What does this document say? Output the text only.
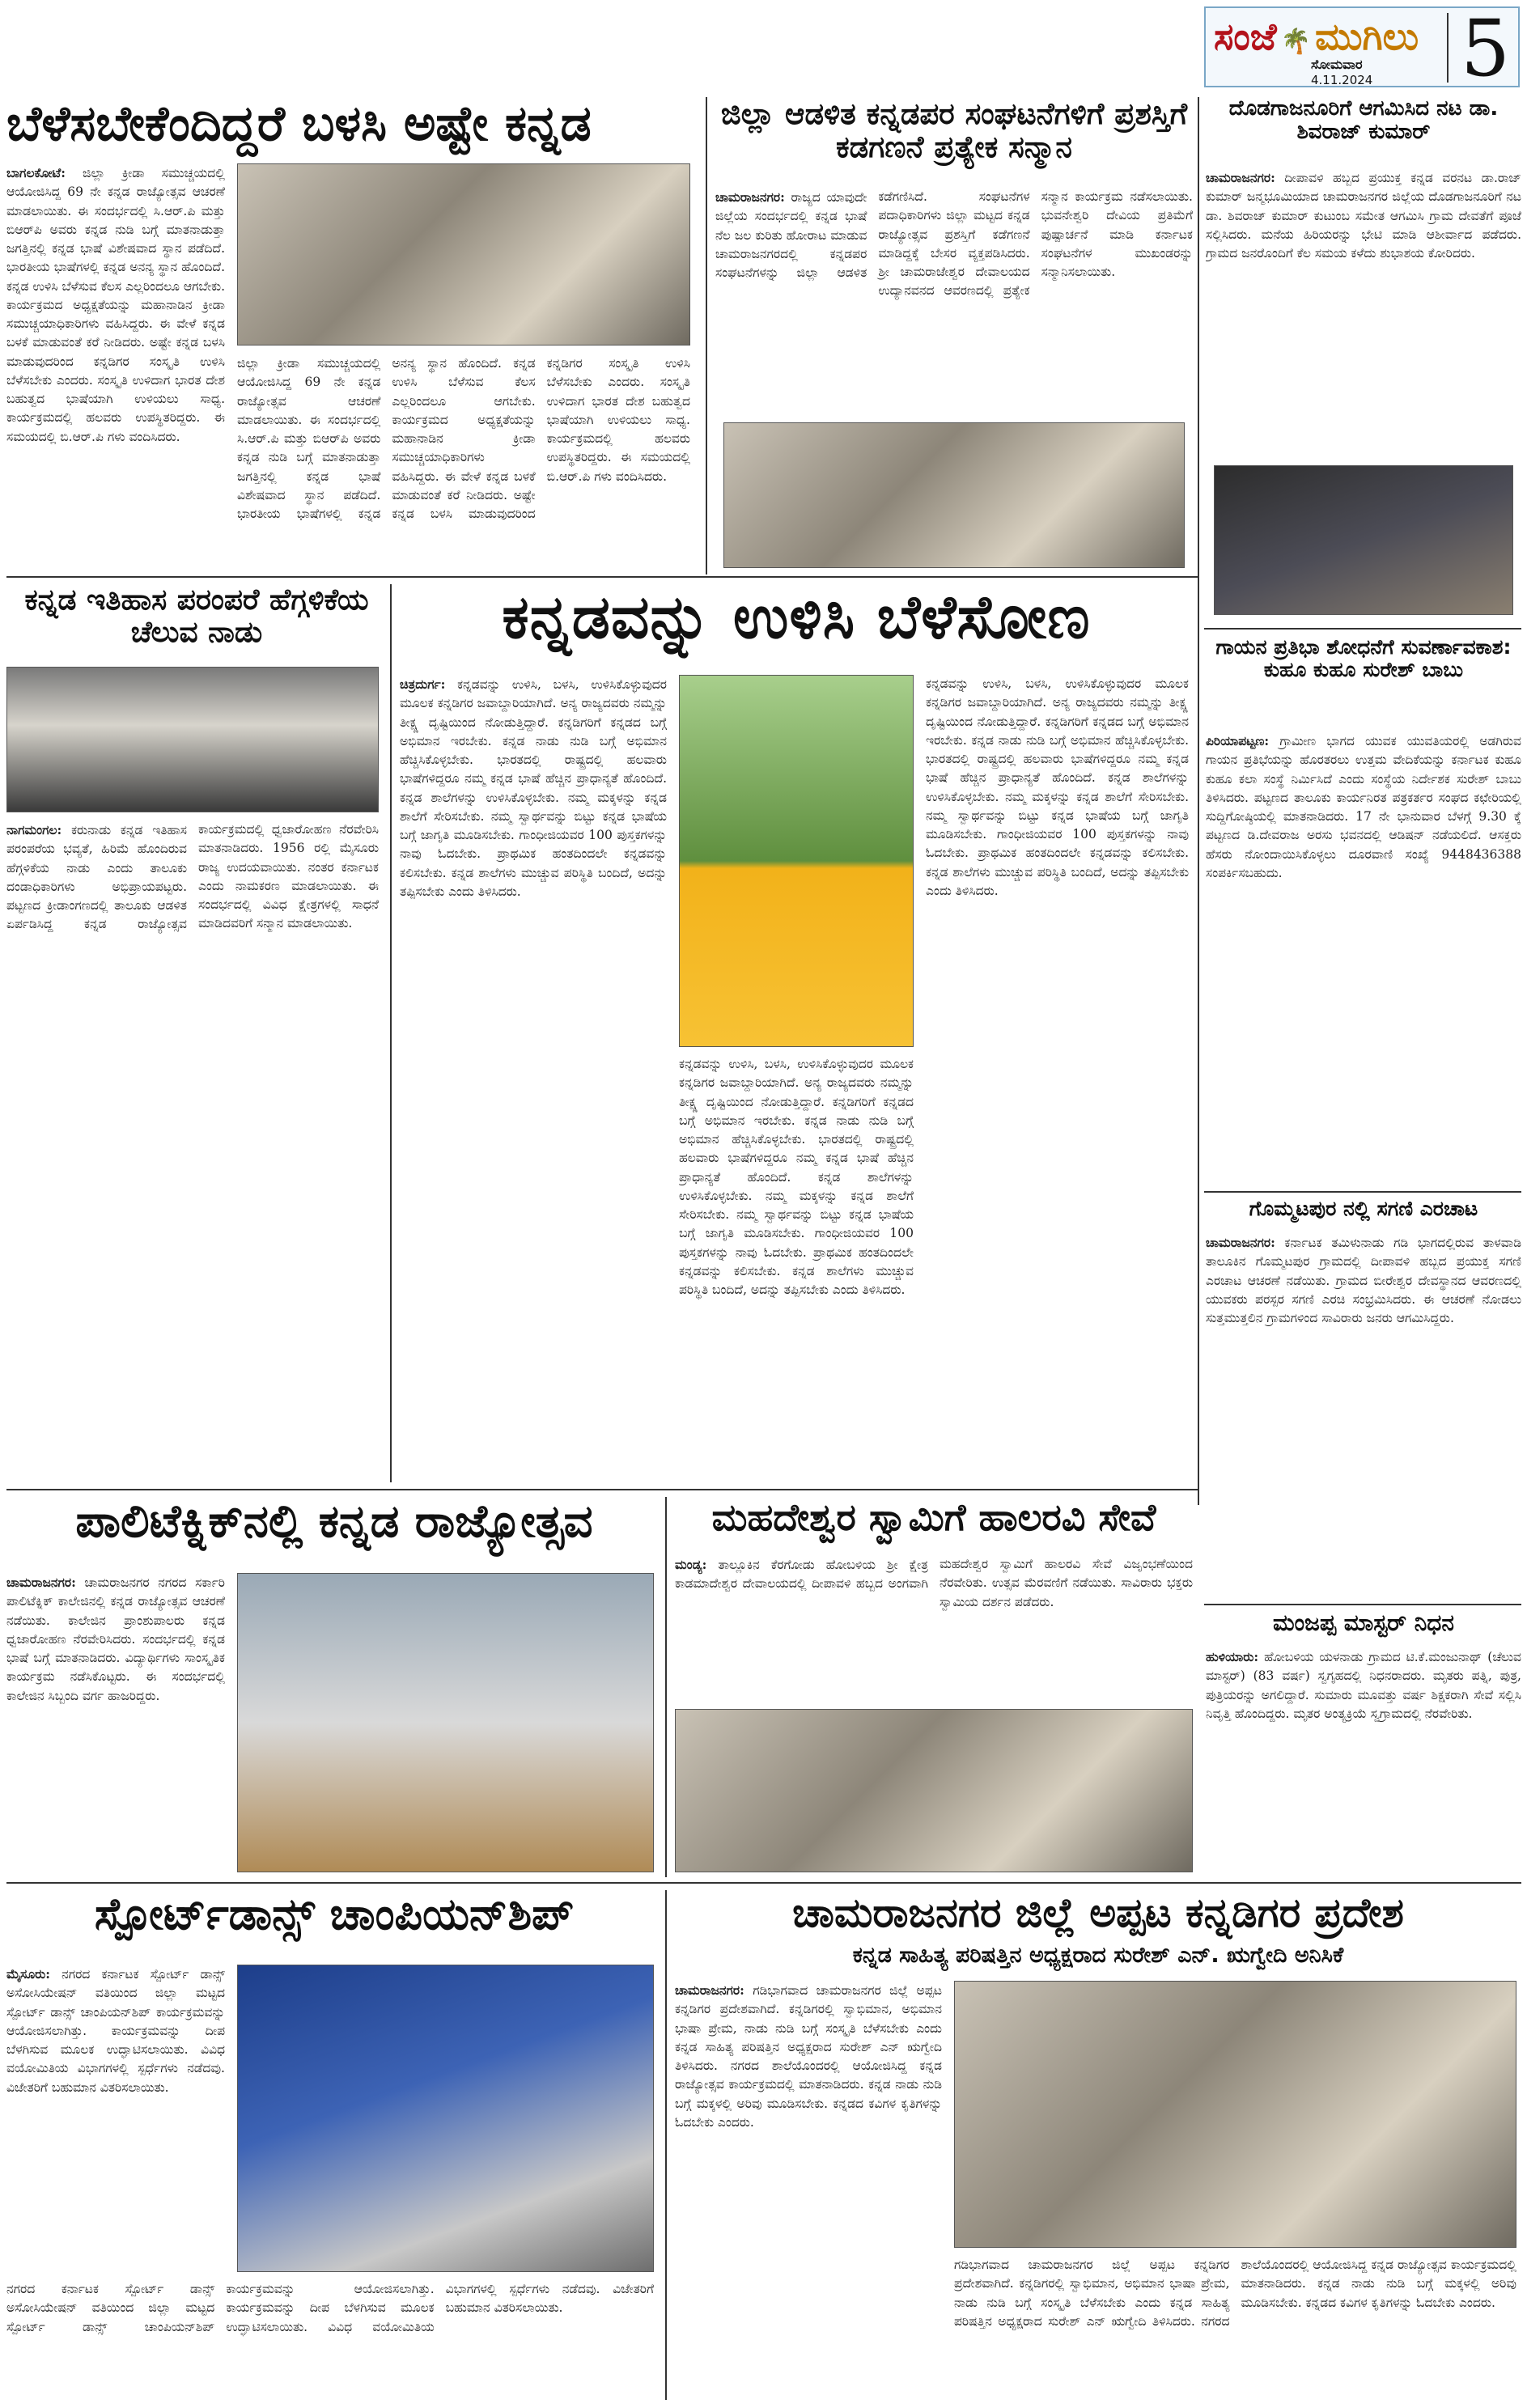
ಸಂಜೆ 🌴 ಮುಗಿಲು
ಸೋಮವಾರ
4.11.2024 5
ಬೆಳೆಸಬೇಕೆಂದಿದ್ದರೆ ಬಳಸಿ ಅಷ್ಟೇ ಕನ್ನಡ
ಬಾಗಲಕೋಟೆ: ಜಿಲ್ಲಾ ಕ್ರೀಡಾ ಸಮುಚ್ಚಯದಲ್ಲಿ ಆಯೋಜಿಸಿದ್ದ 69 ನೇ ಕನ್ನಡ ರಾಜ್ಯೋತ್ಸವ ಆಚರಣೆ ಮಾಡಲಾಯಿತು. ಈ ಸಂದರ್ಭದಲ್ಲಿ ಸಿ.ಆರ್.ಪಿ ಮತ್ತು ಬಿಆರ್‌ಪಿ ಅವರು ಕನ್ನಡ ನುಡಿ ಬಗ್ಗೆ ಮಾತನಾಡುತ್ತಾ ಜಗತ್ತಿನಲ್ಲಿ ಕನ್ನಡ ಭಾಷೆ ವಿಶೇಷವಾದ ಸ್ಥಾನ ಪಡೆದಿದೆ. ಭಾರತೀಯ ಭಾಷೆಗಳಲ್ಲಿ ಕನ್ನಡ ಅನನ್ಯ ಸ್ಥಾನ ಹೊಂದಿದೆ. ಕನ್ನಡ ಉಳಿಸಿ ಬೆಳೆಸುವ ಕೆಲಸ ಎಲ್ಲರಿಂದಲೂ ಆಗಬೇಕು. ಕಾರ್ಯಕ್ರಮದ ಅಧ್ಯಕ್ಷತೆಯನ್ನು ಮಹಾನಾಡಿನ ಕ್ರೀಡಾ ಸಮುಚ್ಚಯಾಧಿಕಾರಿಗಳು ವಹಿಸಿದ್ದರು. ಈ ವೇಳೆ ಕನ್ನಡ ಬಳಕೆ ಮಾಡುವಂತೆ ಕರೆ ನೀಡಿದರು. ಅಷ್ಟೇ ಕನ್ನಡ ಬಳಸಿ ಮಾಡುವುದರಿಂದ ಕನ್ನಡಿಗರ ಸಂಸ್ಕೃತಿ ಉಳಿಸಿ ಬೆಳೆಸಬೇಕು ಎಂದರು. ಸಂಸ್ಕೃತಿ ಉಳಿದಾಗ ಭಾರತ ದೇಶ ಬಹುತ್ವದ ಭಾಷೆಯಾಗಿ ಉಳಿಯಲು ಸಾಧ್ಯ. ಕಾರ್ಯಕ್ರಮದಲ್ಲಿ ಹಲವರು ಉಪಸ್ಥಿತರಿದ್ದರು. ಈ ಸಮಯದಲ್ಲಿ ಬಿ.ಆರ್.ಪಿ ಗಳು ವಂದಿಸಿದರು.
ಜಿಲ್ಲಾ ಕ್ರೀಡಾ ಸಮುಚ್ಚಯದಲ್ಲಿ ಆಯೋಜಿಸಿದ್ದ 69 ನೇ ಕನ್ನಡ ರಾಜ್ಯೋತ್ಸವ ಆಚರಣೆ ಮಾಡಲಾಯಿತು. ಈ ಸಂದರ್ಭದಲ್ಲಿ ಸಿ.ಆರ್.ಪಿ ಮತ್ತು ಬಿಆರ್‌ಪಿ ಅವರು ಕನ್ನಡ ನುಡಿ ಬಗ್ಗೆ ಮಾತನಾಡುತ್ತಾ ಜಗತ್ತಿನಲ್ಲಿ ಕನ್ನಡ ಭಾಷೆ ವಿಶೇಷವಾದ ಸ್ಥಾನ ಪಡೆದಿದೆ. ಭಾರತೀಯ ಭಾಷೆಗಳಲ್ಲಿ ಕನ್ನಡ ಅನನ್ಯ ಸ್ಥಾನ ಹೊಂದಿದೆ. ಕನ್ನಡ ಉಳಿಸಿ ಬೆಳೆಸುವ ಕೆಲಸ ಎಲ್ಲರಿಂದಲೂ ಆಗಬೇಕು. ಕಾರ್ಯಕ್ರಮದ ಅಧ್ಯಕ್ಷತೆಯನ್ನು ಮಹಾನಾಡಿನ ಕ್ರೀಡಾ ಸಮುಚ್ಚಯಾಧಿಕಾರಿಗಳು ವಹಿಸಿದ್ದರು. ಈ ವೇಳೆ ಕನ್ನಡ ಬಳಕೆ ಮಾಡುವಂತೆ ಕರೆ ನೀಡಿದರು. ಅಷ್ಟೇ ಕನ್ನಡ ಬಳಸಿ ಮಾಡುವುದರಿಂದ ಕನ್ನಡಿಗರ ಸಂಸ್ಕೃತಿ ಉಳಿಸಿ ಬೆಳೆಸಬೇಕು ಎಂದರು. ಸಂಸ್ಕೃತಿ ಉಳಿದಾಗ ಭಾರತ ದೇಶ ಬಹುತ್ವದ ಭಾಷೆಯಾಗಿ ಉಳಿಯಲು ಸಾಧ್ಯ. ಕಾರ್ಯಕ್ರಮದಲ್ಲಿ ಹಲವರು ಉಪಸ್ಥಿತರಿದ್ದರು. ಈ ಸಮಯದಲ್ಲಿ ಬಿ.ಆರ್.ಪಿ ಗಳು ವಂದಿಸಿದರು.
ಜಿಲ್ಲಾ ಆಡಳಿತ ಕನ್ನಡಪರ ಸಂಘಟನೆಗಳಿಗೆ ಪ್ರಶಸ್ತಿಗೆ ಕಡಗಣನೆ ಪ್ರತ್ಯೇಕ ಸನ್ಮಾನ
ಚಾಮರಾಜನಗರ: ರಾಜ್ಯದ ಯಾವುದೇ ಜಿಲ್ಲೆಯ ಸಂದರ್ಭದಲ್ಲಿ ಕನ್ನಡ ಭಾಷೆ ನೆಲ ಜಲ ಕುರಿತು ಹೋರಾಟ ಮಾಡುವ ಚಾಮರಾಜನಗರದಲ್ಲಿ ಕನ್ನಡಪರ ಸಂಘಟನೆಗಳನ್ನು ಜಿಲ್ಲಾ ಆಡಳಿತ ಕಡೆಗಣಿಸಿದೆ. ಸಂಘಟನೆಗಳ ಪದಾಧಿಕಾರಿಗಳು ಜಿಲ್ಲಾ ಮಟ್ಟದ ಕನ್ನಡ ರಾಜ್ಯೋತ್ಸವ ಪ್ರಶಸ್ತಿಗೆ ಕಡೆಗಣನೆ ಮಾಡಿದ್ದಕ್ಕೆ ಬೇಸರ ವ್ಯಕ್ತಪಡಿಸಿದರು. ಶ್ರೀ ಚಾಮರಾಜೇಶ್ವರ ದೇವಾಲಯದ ಉದ್ಯಾನವನದ ಆವರಣದಲ್ಲಿ ಪ್ರತ್ಯೇಕ ಸನ್ಮಾನ ಕಾರ್ಯಕ್ರಮ ನಡೆಸಲಾಯಿತು. ಭುವನೇಶ್ವರಿ ದೇವಿಯ ಪ್ರತಿಮೆಗೆ ಪುಷ್ಪಾರ್ಚನೆ ಮಾಡಿ ಕರ್ನಾಟಕ ಸಂಘಟನೆಗಳ ಮುಖಂಡರನ್ನು ಸನ್ಮಾನಿಸಲಾಯಿತು.
ದೊಡಗಾಜನೂರಿಗೆ ಆಗಮಿಸಿದ ನಟ ಡಾ. ಶಿವರಾಜ್ ಕುಮಾರ್
ಚಾಮರಾಜನಗರ: ದೀಪಾವಳಿ ಹಬ್ಬದ ಪ್ರಯುಕ್ತ ಕನ್ನಡ ವರನಟ ಡಾ.ರಾಜ್ ಕುಮಾರ್ ಜನ್ಮಭೂಮಿಯಾದ ಚಾಮರಾಜನಗರ ಜಿಲ್ಲೆಯ ದೊಡಗಾಜನೂರಿಗೆ ನಟ ಡಾ. ಶಿವರಾಜ್ ಕುಮಾರ್ ಕುಟುಂಬ ಸಮೇತ ಆಗಮಿಸಿ ಗ್ರಾಮ ದೇವತೆಗೆ ಪೂಜೆ ಸಲ್ಲಿಸಿದರು. ಮನೆಯ ಹಿರಿಯರನ್ನು ಭೇಟಿ ಮಾಡಿ ಆಶೀರ್ವಾದ ಪಡೆದರು. ಗ್ರಾಮದ ಜನರೊಂದಿಗೆ ಕೆಲ ಸಮಯ ಕಳೆದು ಶುಭಾಶಯ ಕೋರಿದರು.
ಕನ್ನಡ ಇತಿಹಾಸ ಪರಂಪರೆ ಹೆಗ್ಗಳಿಕೆಯ ಚೆಲುವ ನಾಡು
ನಾಗಮಂಗಲ: ಕರುನಾಡು ಕನ್ನಡ ಇತಿಹಾಸ ಪರಂಪರೆಯ ಭವ್ಯತೆ, ಹಿರಿಮೆ ಹೊಂದಿರುವ ಹೆಗ್ಗಳಿಕೆಯ ನಾಡು ಎಂದು ತಾಲೂಕು ದಂಡಾಧಿಕಾರಿಗಳು ಅಭಿಪ್ರಾಯಪಟ್ಟರು. ಪಟ್ಟಣದ ಕ್ರೀಡಾಂಗಣದಲ್ಲಿ ತಾಲೂಕು ಆಡಳಿತ ಏರ್ಪಡಿಸಿದ್ದ ಕನ್ನಡ ರಾಜ್ಯೋತ್ಸವ ಕಾರ್ಯಕ್ರಮದಲ್ಲಿ ಧ್ವಜಾರೋಹಣ ನೆರವೇರಿಸಿ ಮಾತನಾಡಿದರು. 1956 ರಲ್ಲಿ ಮೈಸೂರು ರಾಜ್ಯ ಉದಯವಾಯಿತು. ನಂತರ ಕರ್ನಾಟಕ ಎಂದು ನಾಮಕರಣ ಮಾಡಲಾಯಿತು. ಈ ಸಂದರ್ಭದಲ್ಲಿ ವಿವಿಧ ಕ್ಷೇತ್ರಗಳಲ್ಲಿ ಸಾಧನೆ ಮಾಡಿದವರಿಗೆ ಸನ್ಮಾನ ಮಾಡಲಾಯಿತು.
ಕನ್ನಡವನ್ನು ಉಳಿಸಿ ಬೆಳೆಸೋಣ
ಚಿತ್ರದುರ್ಗ: ಕನ್ನಡವನ್ನು ಉಳಿಸಿ, ಬಳಸಿ, ಉಳಿಸಿಕೊಳ್ಳುವುದರ ಮೂಲಕ ಕನ್ನಡಿಗರ ಜವಾಬ್ದಾರಿಯಾಗಿದೆ. ಅನ್ಯ ರಾಜ್ಯದವರು ನಮ್ಮನ್ನು ತೀಕ್ಷ್ಣ ದೃಷ್ಟಿಯಿಂದ ನೋಡುತ್ತಿದ್ದಾರೆ. ಕನ್ನಡಿಗರಿಗೆ ಕನ್ನಡದ ಬಗ್ಗೆ ಅಭಿಮಾನ ಇರಬೇಕು. ಕನ್ನಡ ನಾಡು ನುಡಿ ಬಗ್ಗೆ ಅಭಿಮಾನ ಹೆಚ್ಚಿಸಿಕೊಳ್ಳಬೇಕು. ಭಾರತದಲ್ಲಿ ರಾಷ್ಟ್ರದಲ್ಲಿ ಹಲವಾರು ಭಾಷೆಗಳಿದ್ದರೂ ನಮ್ಮ ಕನ್ನಡ ಭಾಷೆ ಹೆಚ್ಚಿನ ಪ್ರಾಧಾನ್ಯತೆ ಹೊಂದಿದೆ. ಕನ್ನಡ ಶಾಲೆಗಳನ್ನು ಉಳಿಸಿಕೊಳ್ಳಬೇಕು. ನಮ್ಮ ಮಕ್ಕಳನ್ನು ಕನ್ನಡ ಶಾಲೆಗೆ ಸೇರಿಸಬೇಕು. ನಮ್ಮ ಸ್ವಾರ್ಥವನ್ನು ಬಿಟ್ಟು ಕನ್ನಡ ಭಾಷೆಯ ಬಗ್ಗೆ ಜಾಗೃತಿ ಮೂಡಿಸಬೇಕು. ಗಾಂಧೀಜಿಯವರ 100 ಪುಸ್ತಕಗಳನ್ನು ನಾವು ಓದಬೇಕು. ಪ್ರಾಥಮಿಕ ಹಂತದಿಂದಲೇ ಕನ್ನಡವನ್ನು ಕಲಿಸಬೇಕು. ಕನ್ನಡ ಶಾಲೆಗಳು ಮುಚ್ಚುವ ಪರಿಸ್ಥಿತಿ ಬಂದಿದೆ, ಅದನ್ನು ತಪ್ಪಿಸಬೇಕು ಎಂದು ತಿಳಿಸಿದರು.
ಕನ್ನಡವನ್ನು ಉಳಿಸಿ, ಬಳಸಿ, ಉಳಿಸಿಕೊಳ್ಳುವುದರ ಮೂಲಕ ಕನ್ನಡಿಗರ ಜವಾಬ್ದಾರಿಯಾಗಿದೆ. ಅನ್ಯ ರಾಜ್ಯದವರು ನಮ್ಮನ್ನು ತೀಕ್ಷ್ಣ ದೃಷ್ಟಿಯಿಂದ ನೋಡುತ್ತಿದ್ದಾರೆ. ಕನ್ನಡಿಗರಿಗೆ ಕನ್ನಡದ ಬಗ್ಗೆ ಅಭಿಮಾನ ಇರಬೇಕು. ಕನ್ನಡ ನಾಡು ನುಡಿ ಬಗ್ಗೆ ಅಭಿಮಾನ ಹೆಚ್ಚಿಸಿಕೊಳ್ಳಬೇಕು. ಭಾರತದಲ್ಲಿ ರಾಷ್ಟ್ರದಲ್ಲಿ ಹಲವಾರು ಭಾಷೆಗಳಿದ್ದರೂ ನಮ್ಮ ಕನ್ನಡ ಭಾಷೆ ಹೆಚ್ಚಿನ ಪ್ರಾಧಾನ್ಯತೆ ಹೊಂದಿದೆ. ಕನ್ನಡ ಶಾಲೆಗಳನ್ನು ಉಳಿಸಿಕೊಳ್ಳಬೇಕು. ನಮ್ಮ ಮಕ್ಕಳನ್ನು ಕನ್ನಡ ಶಾಲೆಗೆ ಸೇರಿಸಬೇಕು. ನಮ್ಮ ಸ್ವಾರ್ಥವನ್ನು ಬಿಟ್ಟು ಕನ್ನಡ ಭಾಷೆಯ ಬಗ್ಗೆ ಜಾಗೃತಿ ಮೂಡಿಸಬೇಕು. ಗಾಂಧೀಜಿಯವರ 100 ಪುಸ್ತಕಗಳನ್ನು ನಾವು ಓದಬೇಕು. ಪ್ರಾಥಮಿಕ ಹಂತದಿಂದಲೇ ಕನ್ನಡವನ್ನು ಕಲಿಸಬೇಕು. ಕನ್ನಡ ಶಾಲೆಗಳು ಮುಚ್ಚುವ ಪರಿಸ್ಥಿತಿ ಬಂದಿದೆ, ಅದನ್ನು ತಪ್ಪಿಸಬೇಕು ಎಂದು ತಿಳಿಸಿದರು.
ಕನ್ನಡವನ್ನು ಉಳಿಸಿ, ಬಳಸಿ, ಉಳಿಸಿಕೊಳ್ಳುವುದರ ಮೂಲಕ ಕನ್ನಡಿಗರ ಜವಾಬ್ದಾರಿಯಾಗಿದೆ. ಅನ್ಯ ರಾಜ್ಯದವರು ನಮ್ಮನ್ನು ತೀಕ್ಷ್ಣ ದೃಷ್ಟಿಯಿಂದ ನೋಡುತ್ತಿದ್ದಾರೆ. ಕನ್ನಡಿಗರಿಗೆ ಕನ್ನಡದ ಬಗ್ಗೆ ಅಭಿಮಾನ ಇರಬೇಕು. ಕನ್ನಡ ನಾಡು ನುಡಿ ಬಗ್ಗೆ ಅಭಿಮಾನ ಹೆಚ್ಚಿಸಿಕೊಳ್ಳಬೇಕು. ಭಾರತದಲ್ಲಿ ರಾಷ್ಟ್ರದಲ್ಲಿ ಹಲವಾರು ಭಾಷೆಗಳಿದ್ದರೂ ನಮ್ಮ ಕನ್ನಡ ಭಾಷೆ ಹೆಚ್ಚಿನ ಪ್ರಾಧಾನ್ಯತೆ ಹೊಂದಿದೆ. ಕನ್ನಡ ಶಾಲೆಗಳನ್ನು ಉಳಿಸಿಕೊಳ್ಳಬೇಕು. ನಮ್ಮ ಮಕ್ಕಳನ್ನು ಕನ್ನಡ ಶಾಲೆಗೆ ಸೇರಿಸಬೇಕು. ನಮ್ಮ ಸ್ವಾರ್ಥವನ್ನು ಬಿಟ್ಟು ಕನ್ನಡ ಭಾಷೆಯ ಬಗ್ಗೆ ಜಾಗೃತಿ ಮೂಡಿಸಬೇಕು. ಗಾಂಧೀಜಿಯವರ 100 ಪುಸ್ತಕಗಳನ್ನು ನಾವು ಓದಬೇಕು. ಪ್ರಾಥಮಿಕ ಹಂತದಿಂದಲೇ ಕನ್ನಡವನ್ನು ಕಲಿಸಬೇಕು. ಕನ್ನಡ ಶಾಲೆಗಳು ಮುಚ್ಚುವ ಪರಿಸ್ಥಿತಿ ಬಂದಿದೆ, ಅದನ್ನು ತಪ್ಪಿಸಬೇಕು ಎಂದು ತಿಳಿಸಿದರು.
ಗಾಯನ ಪ್ರತಿಭಾ ಶೋಧನೆಗೆ ಸುವರ್ಣಾವಕಾಶ: ಕುಹೂ ಕುಹೂ ಸುರೇಶ್ ಬಾಬು
ಪಿರಿಯಾಪಟ್ಟಣ: ಗ್ರಾಮೀಣ ಭಾಗದ ಯುವಕ ಯುವತಿಯರಲ್ಲಿ ಅಡಗಿರುವ ಗಾಯನ ಪ್ರತಿಭೆಯನ್ನು ಹೊರತರಲು ಉತ್ತಮ ವೇದಿಕೆಯನ್ನು ಕರ್ನಾಟಕ ಕುಹೂ ಕುಹೂ ಕಲಾ ಸಂಸ್ಥೆ ನಿರ್ಮಿಸಿದೆ ಎಂದು ಸಂಸ್ಥೆಯ ನಿರ್ದೇಶಕ ಸುರೇಶ್ ಬಾಬು ತಿಳಿಸಿದರು. ಪಟ್ಟಣದ ತಾಲೂಕು ಕಾರ್ಯನಿರತ ಪತ್ರಕರ್ತರ ಸಂಘದ ಕಛೇರಿಯಲ್ಲಿ ಸುದ್ದಿಗೋಷ್ಠಿಯಲ್ಲಿ ಮಾತನಾಡಿದರು. 17 ನೇ ಭಾನುವಾರ ಬೆಳಗ್ಗೆ 9.30 ಕ್ಕೆ ಪಟ್ಟಣದ ಡಿ.ದೇವರಾಜ ಅರಸು ಭವನದಲ್ಲಿ ಆಡಿಷನ್ ನಡೆಯಲಿದೆ. ಆಸಕ್ತರು ಹೆಸರು ನೋಂದಾಯಿಸಿಕೊಳ್ಳಲು ದೂರವಾಣಿ ಸಂಖ್ಯೆ 9448436388 ಸಂಪರ್ಕಿಸಬಹುದು.
ಗೊಮ್ಮಟಪುರ ನಲ್ಲಿ ಸಗಣಿ ಎರಚಾಟ
ಚಾಮರಾಜನಗರ: ಕರ್ನಾಟಕ ತಮಿಳುನಾಡು ಗಡಿ ಭಾಗದಲ್ಲಿರುವ ತಾಳವಾಡಿ ತಾಲೂಕಿನ ಗೊಮ್ಮಟಪುರ ಗ್ರಾಮದಲ್ಲಿ ದೀಪಾವಳಿ ಹಬ್ಬದ ಪ್ರಯುಕ್ತ ಸಗಣಿ ಎರಚಾಟ ಆಚರಣೆ ನಡೆಯಿತು. ಗ್ರಾಮದ ಬೀರೇಶ್ವರ ದೇವಸ್ಥಾನದ ಆವರಣದಲ್ಲಿ ಯುವಕರು ಪರಸ್ಪರ ಸಗಣಿ ಎರಚಿ ಸಂಭ್ರಮಿಸಿದರು. ಈ ಆಚರಣೆ ನೋಡಲು ಸುತ್ತಮುತ್ತಲಿನ ಗ್ರಾಮಗಳಿಂದ ಸಾವಿರಾರು ಜನರು ಆಗಮಿಸಿದ್ದರು.
ಮಂಜಪ್ಪ ಮಾಸ್ಟರ್ ನಿಧನ
ಹುಳಿಯಾರು: ಹೋಬಳಿಯ ಯಳನಾಡು ಗ್ರಾಮದ ಟಿ.ಕೆ.ಮಂಜುನಾಥ್ (ಚೆಲುವ ಮಾಸ್ಟರ್) (83 ವರ್ಷ) ಸ್ವಗೃಹದಲ್ಲಿ ನಿಧನರಾದರು. ಮೃತರು ಪತ್ನಿ, ಪುತ್ರ, ಪುತ್ರಿಯರನ್ನು ಅಗಲಿದ್ದಾರೆ. ಸುಮಾರು ಮೂವತ್ತು ವರ್ಷ ಶಿಕ್ಷಕರಾಗಿ ಸೇವೆ ಸಲ್ಲಿಸಿ ನಿವೃತ್ತಿ ಹೊಂದಿದ್ದರು. ಮೃತರ ಅಂತ್ಯಕ್ರಿಯೆ ಸ್ವಗ್ರಾಮದಲ್ಲಿ ನೆರವೇರಿತು.
ಪಾಲಿಟೆಕ್ನಿಕ್‌ನಲ್ಲಿ ಕನ್ನಡ ರಾಜ್ಯೋತ್ಸವ
ಚಾಮರಾಜನಗರ: ಚಾಮರಾಜನಗರ ನಗರದ ಸರ್ಕಾರಿ ಪಾಲಿಟೆಕ್ನಿಕ್ ಕಾಲೇಜಿನಲ್ಲಿ ಕನ್ನಡ ರಾಜ್ಯೋತ್ಸವ ಆಚರಣೆ ನಡೆಯಿತು. ಕಾಲೇಜಿನ ಪ್ರಾಂಶುಪಾಲರು ಕನ್ನಡ ಧ್ವಜಾರೋಹಣ ನೆರವೇರಿಸಿದರು. ಸಂದರ್ಭದಲ್ಲಿ ಕನ್ನಡ ಭಾಷೆ ಬಗ್ಗೆ ಮಾತನಾಡಿದರು. ವಿದ್ಯಾರ್ಥಿಗಳು ಸಾಂಸ್ಕೃತಿಕ ಕಾರ್ಯಕ್ರಮ ನಡೆಸಿಕೊಟ್ಟರು. ಈ ಸಂದರ್ಭದಲ್ಲಿ ಕಾಲೇಜಿನ ಸಿಬ್ಬಂದಿ ವರ್ಗ ಹಾಜರಿದ್ದರು.
ಮಹದೇಶ್ವರ ಸ್ವಾಮಿಗೆ ಹಾಲರವಿ ಸೇವೆ
ಮಂಡ್ಯ: ತಾಲ್ಲೂಕಿನ ಕೆರಗೋಡು ಹೋಬಳಿಯ ಶ್ರೀ ಕ್ಷೇತ್ರ ಕಾಡಮಾದೇಶ್ವರ ದೇವಾಲಯದಲ್ಲಿ ದೀಪಾವಳಿ ಹಬ್ಬದ ಅಂಗವಾಗಿ ಮಹದೇಶ್ವರ ಸ್ವಾಮಿಗೆ ಹಾಲರವಿ ಸೇವೆ ವಿಜೃಂಭಣೆಯಿಂದ ನೆರವೇರಿತು. ಉತ್ಸವ ಮೆರವಣಿಗೆ ನಡೆಯಿತು. ಸಾವಿರಾರು ಭಕ್ತರು ಸ್ವಾಮಿಯ ದರ್ಶನ ಪಡೆದರು.
ಸ್ಪೋರ್ಟ್‌ಡಾನ್ಸ್ ಚಾಂಪಿಯನ್‌ಶಿಪ್
ಮೈಸೂರು: ನಗರದ ಕರ್ನಾಟಕ ಸ್ಪೋರ್ಟ್ ಡಾನ್ಸ್ ಅಸೋಸಿಯೇಷನ್ ವತಿಯಿಂದ ಜಿಲ್ಲಾ ಮಟ್ಟದ ಸ್ಪೋರ್ಟ್ ಡಾನ್ಸ್ ಚಾಂಪಿಯನ್‌ಶಿಪ್ ಕಾರ್ಯಕ್ರಮವನ್ನು ಆಯೋಜಿಸಲಾಗಿತ್ತು. ಕಾರ್ಯಕ್ರಮವನ್ನು ದೀಪ ಬೆಳಗಿಸುವ ಮೂಲಕ ಉದ್ಘಾಟಿಸಲಾಯಿತು. ವಿವಿಧ ವಯೋಮಿತಿಯ ವಿಭಾಗಗಳಲ್ಲಿ ಸ್ಪರ್ಧೆಗಳು ನಡೆದವು. ವಿಜೇತರಿಗೆ ಬಹುಮಾನ ವಿತರಿಸಲಾಯಿತು.
ನಗರದ ಕರ್ನಾಟಕ ಸ್ಪೋರ್ಟ್ ಡಾನ್ಸ್ ಅಸೋಸಿಯೇಷನ್ ವತಿಯಿಂದ ಜಿಲ್ಲಾ ಮಟ್ಟದ ಸ್ಪೋರ್ಟ್ ಡಾನ್ಸ್ ಚಾಂಪಿಯನ್‌ಶಿಪ್ ಕಾರ್ಯಕ್ರಮವನ್ನು ಆಯೋಜಿಸಲಾಗಿತ್ತು. ಕಾರ್ಯಕ್ರಮವನ್ನು ದೀಪ ಬೆಳಗಿಸುವ ಮೂಲಕ ಉದ್ಘಾಟಿಸಲಾಯಿತು. ವಿವಿಧ ವಯೋಮಿತಿಯ ವಿಭಾಗಗಳಲ್ಲಿ ಸ್ಪರ್ಧೆಗಳು ನಡೆದವು. ವಿಜೇತರಿಗೆ ಬಹುಮಾನ ವಿತರಿಸಲಾಯಿತು.
ಚಾಮರಾಜನಗರ ಜಿಲ್ಲೆ ಅಪ್ಪಟ ಕನ್ನಡಿಗರ ಪ್ರದೇಶ
ಕನ್ನಡ ಸಾಹಿತ್ಯ ಪರಿಷತ್ತಿನ ಅಧ್ಯಕ್ಷರಾದ ಸುರೇಶ್ ಎನ್. ಋಗ್ವೇದಿ ಅನಿಸಿಕೆ
ಚಾಮರಾಜನಗರ: ಗಡಿಭಾಗವಾದ ಚಾಮರಾಜನಗರ ಜಿಲ್ಲೆ ಅಪ್ಪಟ ಕನ್ನಡಿಗರ ಪ್ರದೇಶವಾಗಿದೆ. ಕನ್ನಡಿಗರಲ್ಲಿ ಸ್ವಾಭಿಮಾನ, ಅಭಿಮಾನ ಭಾಷಾ ಪ್ರೇಮ, ನಾಡು ನುಡಿ ಬಗ್ಗೆ ಸಂಸ್ಕೃತಿ ಬೆಳೆಸಬೇಕು ಎಂದು ಕನ್ನಡ ಸಾಹಿತ್ಯ ಪರಿಷತ್ತಿನ ಅಧ್ಯಕ್ಷರಾದ ಸುರೇಶ್ ಎನ್ ಋಗ್ವೇದಿ ತಿಳಿಸಿದರು. ನಗರದ ಶಾಲೆಯೊಂದರಲ್ಲಿ ಆಯೋಜಿಸಿದ್ದ ಕನ್ನಡ ರಾಜ್ಯೋತ್ಸವ ಕಾರ್ಯಕ್ರಮದಲ್ಲಿ ಮಾತನಾಡಿದರು. ಕನ್ನಡ ನಾಡು ನುಡಿ ಬಗ್ಗೆ ಮಕ್ಕಳಲ್ಲಿ ಅರಿವು ಮೂಡಿಸಬೇಕು. ಕನ್ನಡದ ಕವಿಗಳ ಕೃತಿಗಳನ್ನು ಓದಬೇಕು ಎಂದರು.
ಗಡಿಭಾಗವಾದ ಚಾಮರಾಜನಗರ ಜಿಲ್ಲೆ ಅಪ್ಪಟ ಕನ್ನಡಿಗರ ಪ್ರದೇಶವಾಗಿದೆ. ಕನ್ನಡಿಗರಲ್ಲಿ ಸ್ವಾಭಿಮಾನ, ಅಭಿಮಾನ ಭಾಷಾ ಪ್ರೇಮ, ನಾಡು ನುಡಿ ಬಗ್ಗೆ ಸಂಸ್ಕೃತಿ ಬೆಳೆಸಬೇಕು ಎಂದು ಕನ್ನಡ ಸಾಹಿತ್ಯ ಪರಿಷತ್ತಿನ ಅಧ್ಯಕ್ಷರಾದ ಸುರೇಶ್ ಎನ್ ಋಗ್ವೇದಿ ತಿಳಿಸಿದರು. ನಗರದ ಶಾಲೆಯೊಂದರಲ್ಲಿ ಆಯೋಜಿಸಿದ್ದ ಕನ್ನಡ ರಾಜ್ಯೋತ್ಸವ ಕಾರ್ಯಕ್ರಮದಲ್ಲಿ ಮಾತನಾಡಿದರು. ಕನ್ನಡ ನಾಡು ನುಡಿ ಬಗ್ಗೆ ಮಕ್ಕಳಲ್ಲಿ ಅರಿವು ಮೂಡಿಸಬೇಕು. ಕನ್ನಡದ ಕವಿಗಳ ಕೃತಿಗಳನ್ನು ಓದಬೇಕು ಎಂದರು.
